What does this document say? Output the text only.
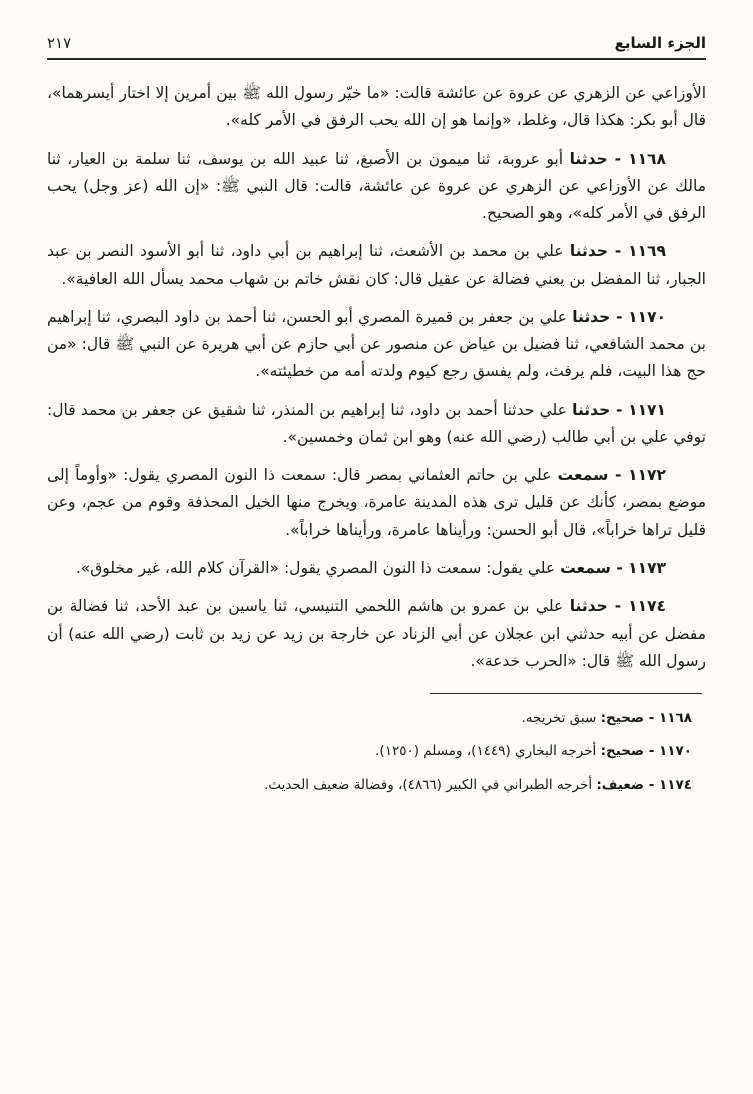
الجزء السابع
٢١٧

الأوزاعي عن الزهري عن عروة عن عائشة قالت: «ما خيّر رسول الله ﷺ بين أمرين إلا اختار أيسرهما»، قال أبو بكر: هكذا قال، وغلط، «وإنما هو إن الله يحب الرفق في الأمر كله».

١١٦٨ - حدثنا أبو عروبة، ثنا ميمون بن الأصبغ، ثنا عبيد الله بن يوسف، ثنا سلمة بن العيار، ثنا مالك عن الأوزاعي عن الزهري عن عروة عن عائشة، قالت: قال النبي ﷺ: «إن الله (عز وجل) يحب الرفق في الأمر كله»، وهو الصحيح.

١١٦٩ - حدثنا علي بن محمد بن الأشعث، ثنا إبراهيم بن أبي داود، ثنا أبو الأسود النصر بن عبد الجبار، ثنا المفضل بن يعني فضالة عن عقيل قال: كان نقش خاتم بن شهاب محمد يسأل الله العافية».

١١٧٠ - حدثنا علي بن جعفر بن قميرة المصري أبو الحسن، ثنا أحمد بن داود البصري، ثنا إبراهيم بن محمد الشافعي، ثنا فضيل بن عياض عن منصور عن أبي حازم عن أبي هريرة عن النبي ﷺ قال: «من حج هذا البيت، فلم يرفث، ولم يفسق رجع كيوم ولدته أمه من خطيئته».

١١٧١ - حدثنا علي حدثنا أحمد بن داود، ثنا إبراهيم بن المنذر، ثنا شقيق عن جعفر بن محمد قال: توفي علي بن أبي طالب (رضي الله عنه) وهو ابن ثمان وخمسين».

١١٧٢ - سمعت علي بن حاتم العثماني بمصر قال: سمعت ذا النون المصري يقول: «وأوماً إلى موضع بمصر، كأنك عن قليل ترى هذه المدينة عامرة، ويخرج منها الخيل المحذفة وقوم من عجم، وعن قليل تراها خراباً»، قال أبو الحسن: ورأيناها عامرة، ورأيناها خراباً».

١١٧٣ - سمعت علي يقول: سمعت ذا النون المصري يقول: «القرآن كلام الله، غير مخلوق».

١١٧٤ - حدثنا علي بن عمرو بن هاشم اللحمي التنيسي، ثنا ياسين بن عبد الأحد، ثنا فضالة بن مفضل عن أبيه حدثني ابن عجلان عن أبي الزناد عن خارجة بن زيد عن زيد بن ثابت (رضي الله عنه) أن رسول الله ﷺ قال: «الحرب خدعة».

١١٦٨ - صحيح: سبق تخريجه.

١١٧٠ - صحيح: أخرجه البخاري (١٤٤٩)، ومسلم (١٢٥٠).

١١٧٤ - ضعيف: أخرجه الطبراني في الكبير (٤٨٦٦)، وفضالة ضعيف الحديث.
